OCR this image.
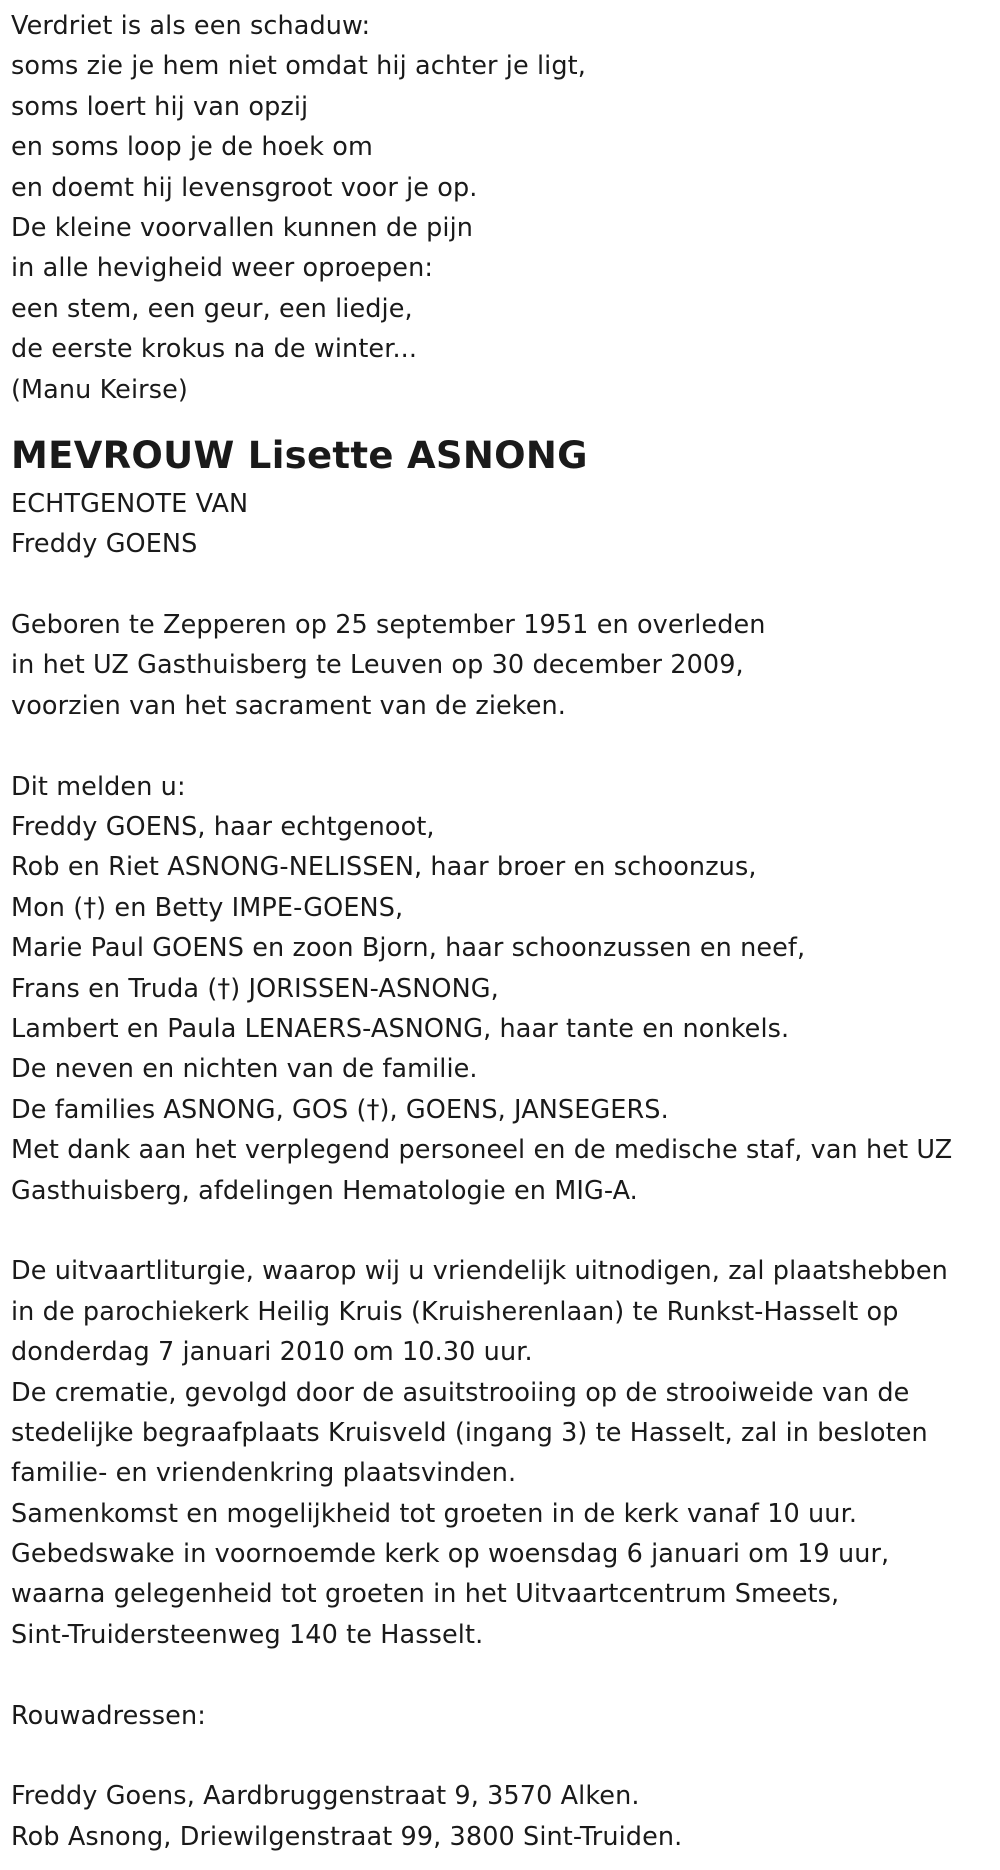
Verdriet is als een schaduw:
soms zie je hem niet omdat hij achter je ligt,
soms loert hij van opzij
en soms loop je de hoek om
en doemt hij levensgroot voor je op.
De kleine voorvallen kunnen de pijn
in alle hevigheid weer oproepen:
een stem, een geur, een liedje,
de eerste krokus na de winter...
(Manu Keirse)
MEVROUW Lisette ASNONG
ECHTGENOTE VAN
Freddy GOENS
Geboren te Zepperen op 25 september 1951 en overleden
in het UZ Gasthuisberg te Leuven op 30 december 2009,
voorzien van het sacrament van de zieken.
Dit melden u:
Freddy GOENS, haar echtgenoot,
Rob en Riet ASNONG-NELISSEN, haar broer en schoonzus,
Mon (†) en Betty IMPE-GOENS,
Marie Paul GOENS en zoon Bjorn, haar schoonzussen en neef,
Frans en Truda (†) JORISSEN-ASNONG,
Lambert en Paula LENAERS-ASNONG, haar tante en nonkels.
De neven en nichten van de familie.
De families ASNONG, GOS (†), GOENS, JANSEGERS.
Met dank aan het verplegend personeel en de medische staf, van het UZ
Gasthuisberg, afdelingen Hematologie en MIG-A.
De uitvaartliturgie, waarop wij u vriendelijk uitnodigen, zal plaatshebben
in de parochiekerk Heilig Kruis (Kruisherenlaan) te Runkst-Hasselt op
donderdag 7 januari 2010 om 10.30 uur.
De crematie, gevolgd door de asuitstrooiing op de strooiweide van de
stedelijke begraafplaats Kruisveld (ingang 3) te Hasselt, zal in besloten
familie- en vriendenkring plaatsvinden.
Samenkomst en mogelijkheid tot groeten in de kerk vanaf 10 uur.
Gebedswake in voornoemde kerk op woensdag 6 januari om 19 uur,
waarna gelegenheid tot groeten in het Uitvaartcentrum Smeets,
Sint-Truidersteenweg 140 te Hasselt.
Rouwadressen:
Freddy Goens, Aardbruggenstraat 9, 3570 Alken.
Rob Asnong, Driewilgenstraat 99, 3800 Sint-Truiden.
